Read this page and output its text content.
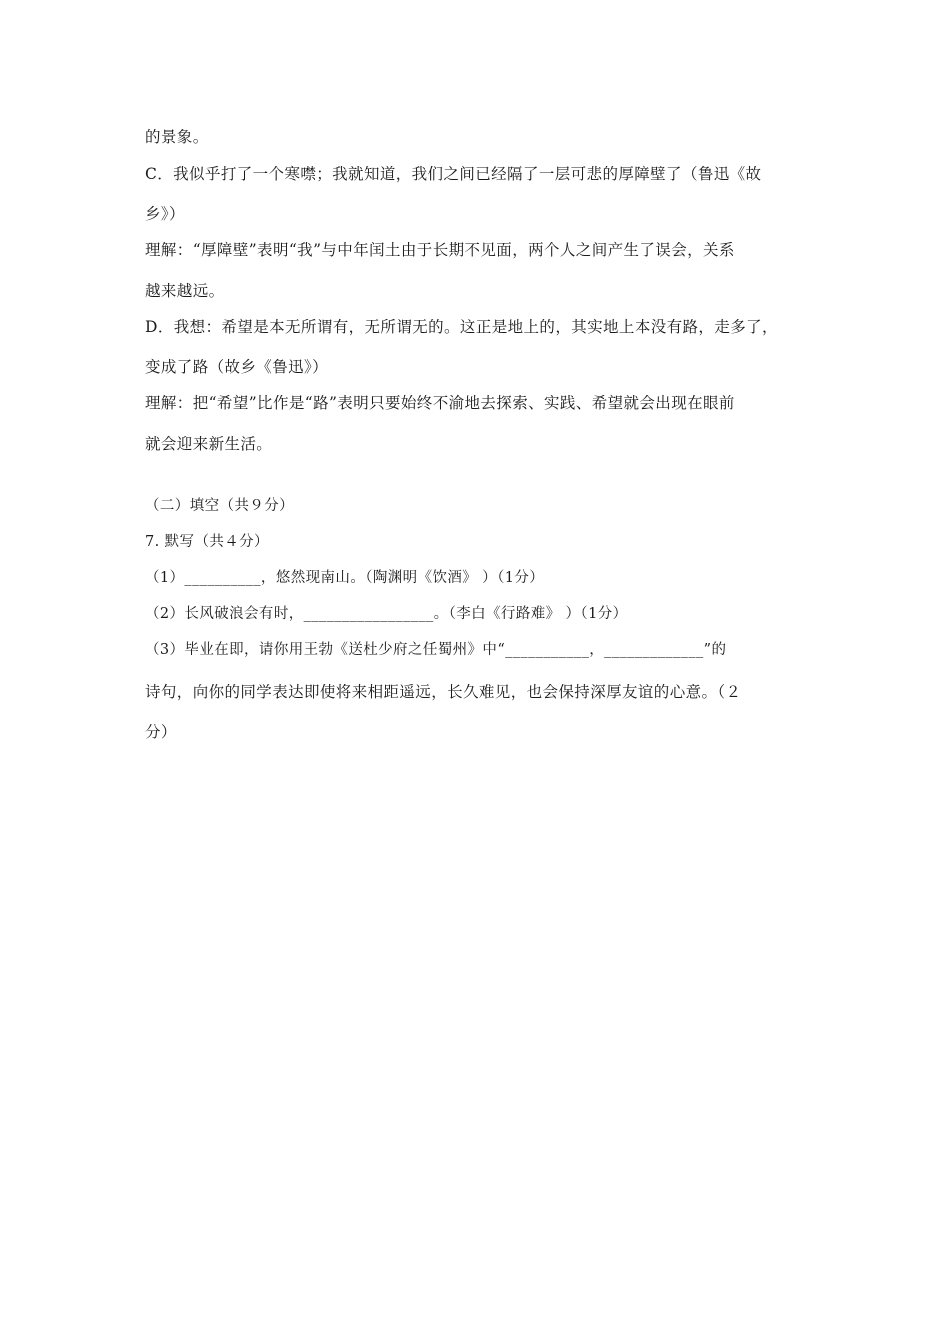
的景象。
C．我似乎打了一个寒噤；我就知道，我们之间已经隔了一层可悲的厚障壁了（鲁迅《故
乡》）
理解：“厚障壁”表明“我”与中年闰土由于长期不见面，两个人之间产生了误会，关系
越来越远。
D．我想：希望是本无所谓有，无所谓无的。这正是地上的，其实地上本没有路，走多了，
变成了路（故乡《鲁迅》）
理解：把“希望”比作是“路”表明只要始终不渝地去探索、实践、希望就会出现在眼前
就会迎来新生活。
（二）填空（共９分）
7. 默写（共４分）
（1）__________，悠然现南山。（陶渊明《饮酒》 ）（1分）
（2）长风破浪会有时，_________________。（李白《行路难》 ）（1分）
（3）毕业在即，请你用王勃《送杜少府之任蜀州》中“___________，_____________”的
诗句，向你的同学表达即使将来相距遥远，长久难见，也会保持深厚友谊的心意。（２
分）
